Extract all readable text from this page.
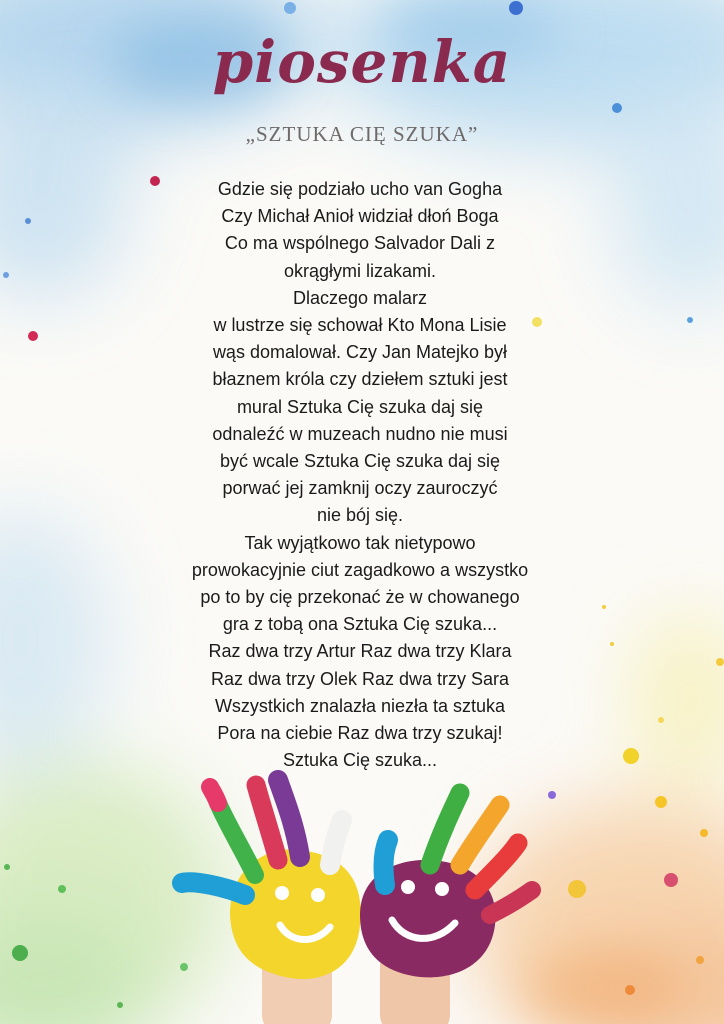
piosenka
„SZTUKA CIĘ SZUKA”
Gdzie się podziało ucho van Gogha
Czy Michał Anioł widział dłoń Boga
Co ma wspólnego Salvador Dali z
okrągłymi lizakami.
Dlaczego malarz
w lustrze się schował Kto Mona Lisie
wąs domalował. Czy Jan Matejko był
błaznem króla czy dziełem sztuki jest
mural Sztuka Cię szuka daj się
odnaleźć w muzeach nudno nie musi
być wcale Sztuka Cię szuka daj się
porwać jej zamknij oczy zauroczyć
nie bój się.
Tak wyjątkowo tak nietypowo
prowokacyjnie ciut zagadkowo a wszystko
po to by cię przekonać że w chowanego
gra z tobą ona Sztuka Cię szuka...
Raz dwa trzy Artur Raz dwa trzy Klara
Raz dwa trzy Olek Raz dwa trzy Sara
Wszystkich znalazła niezła ta sztuka
Pora na ciebie Raz dwa trzy szukaj!
Sztuka Cię szuka...
